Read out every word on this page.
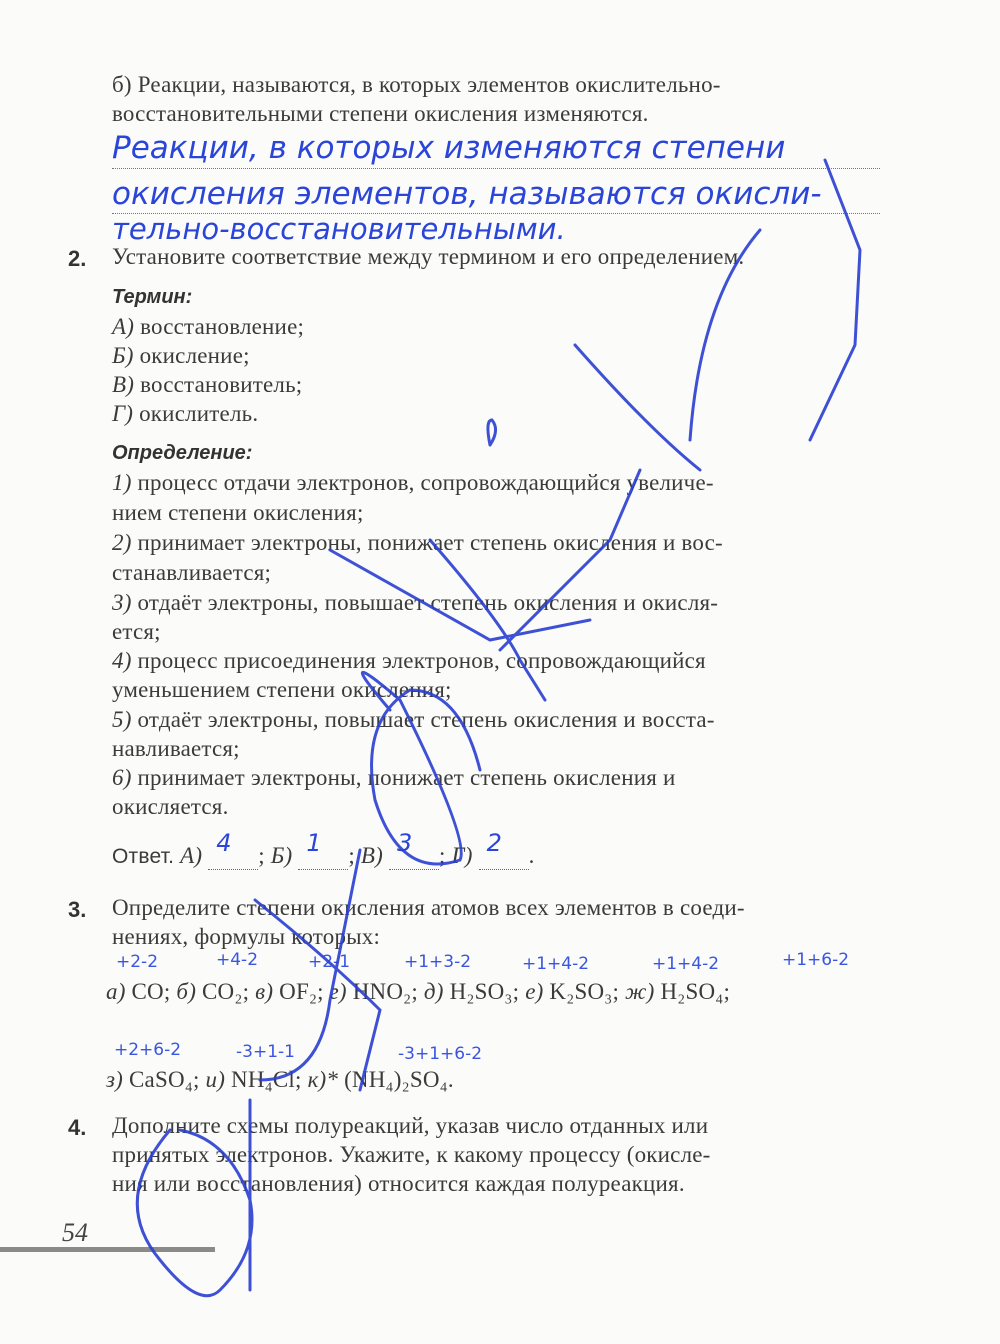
б) Реакции, называются, в которых элементов окислительно-
восстановительными степени окисления изменяются.
Реакции, в которых изменяются степени
окисления элементов, называются окисли-
тельно-восстановительными.
2. Установите соответствие между термином и его определением.
Термин:
А) восстановление;
Б) окисление;
В) восстановитель;
Г) окислитель.
Определение:
1) процесс отдачи электронов, сопровождающийся увеличе-
нием степени окисления;
2) принимает электроны, понижает степень окисления и вос-
станавливается;
3) отдаёт электроны, повышает степень окисления и окисля-
ется;
4) процесс присоединения электронов, сопровождающийся
уменьшением степени окисления;
5) отдаёт электроны, повышает степень окисления и восста-
навливается;
6) принимает электроны, понижает степень окисления и
окисляется.
Ответ. А) 4 ; Б) 1 ; В) 3 ; Г) 2 .
3. Определите степени окисления атомов всех элементов в соеди-
нениях, формулы которых:
+2-2	+4-2	+2-1	+1+3-2	+1+4-2	+1+4-2	+1+6-2
а) CO; б) CO₂; в) OF₂; г) HNO₂; д) H₂SO₃; е) K₂SO₃; ж) H₂SO₄;
+2+6-2	-3+1-1	-3+1+6-2
з) CaSO₄; и) NH₄Cl; к)* (NH₄)₂SO₄.
4. Дополните схемы полуреакций, указав число отданных или
принятых электронов. Укажите, к какому процессу (окисле-
ния или восстановления) относится каждая полуреакция.
54
